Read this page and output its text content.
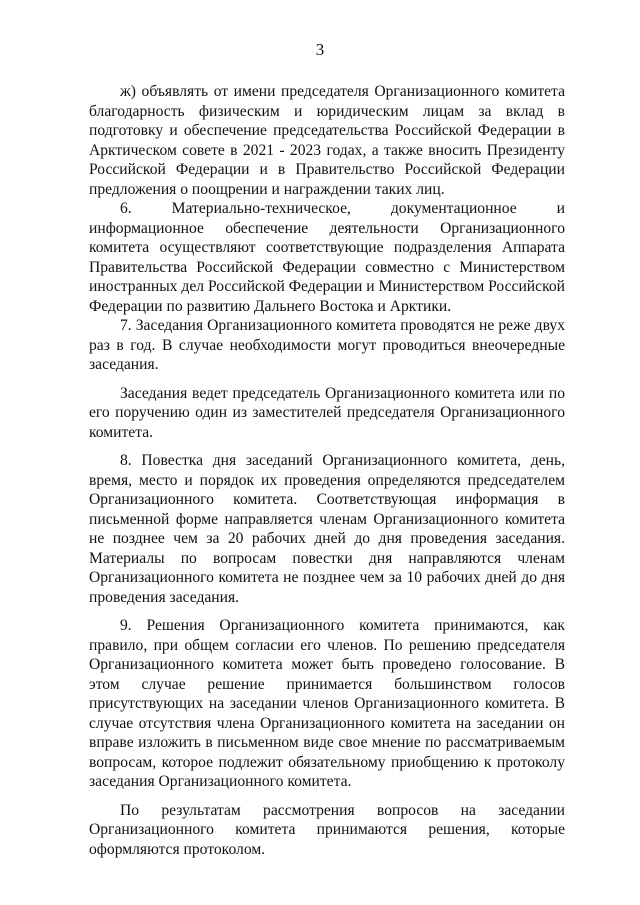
3

ж) объявлять от имени председателя Организационного комитета благодарность физическим и юридическим лицам за вклад в подготовку и обеспечение председательства Российской Федерации в Арктическом совете в 2021 - 2023 годах, а также вносить Президенту Российской Федерации и в Правительство Российской Федерации предложения о поощрении и награждении таких лиц.

6. Материально-техническое, документационное и информационное обеспечение деятельности Организационного комитета осуществляют соответствующие подразделения Аппарата Правительства Российской Федерации совместно с Министерством иностранных дел Российской Федерации и Министерством Российской Федерации по развитию Дальнего Востока и Арктики.

7. Заседания Организационного комитета проводятся не реже двух раз в год. В случае необходимости могут проводиться внеочередные заседания.

Заседания ведет председатель Организационного комитета или по его поручению один из заместителей председателя Организационного комитета.

8. Повестка дня заседаний Организационного комитета, день, время, место и порядок их проведения определяются председателем Организационного комитета. Соответствующая информация в письменной форме направляется членам Организационного комитета не позднее чем за 20 рабочих дней до дня проведения заседания. Материалы по вопросам повестки дня направляются членам Организационного комитета не позднее чем за 10 рабочих дней до дня проведения заседания.

9. Решения Организационного комитета принимаются, как правило, при общем согласии его членов. По решению председателя Организационного комитета может быть проведено голосование. В этом случае решение принимается большинством голосов присутствующих на заседании членов Организационного комитета. В случае отсутствия члена Организационного комитета на заседании он вправе изложить в письменном виде свое мнение по рассматриваемым вопросам, которое подлежит обязательному приобщению к протоколу заседания Организационного комитета.

По результатам рассмотрения вопросов на заседании Организационного комитета принимаются решения, которые оформляются протоколом.
